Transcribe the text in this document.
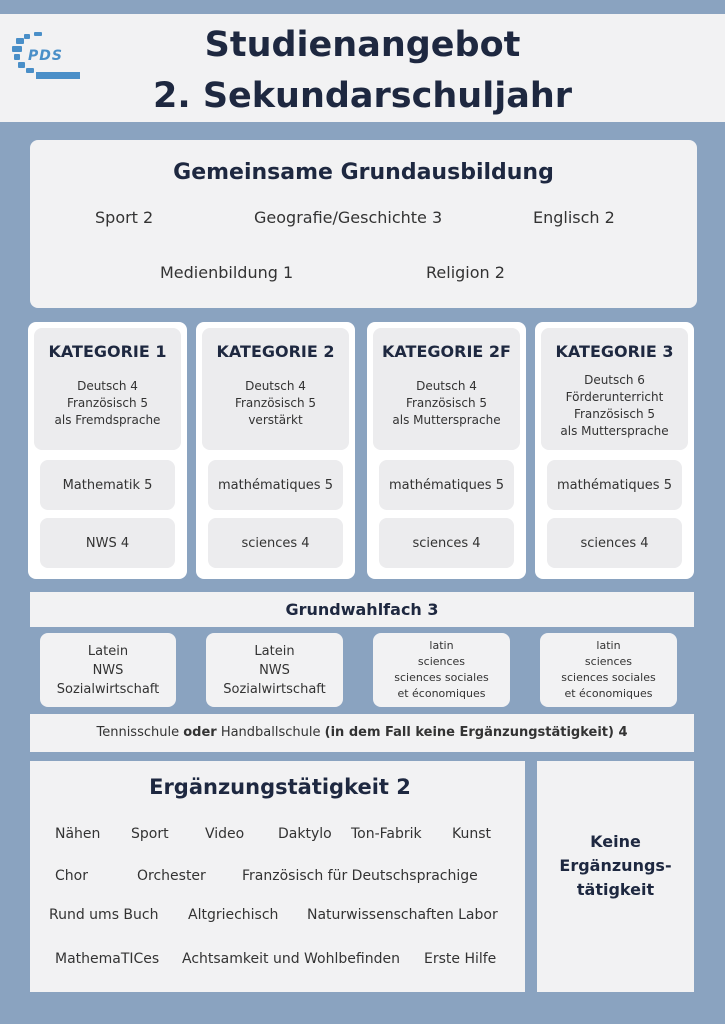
PDS	Studienangebot
2. Sekundarschuljahr
Gemeinsame Grundausbildung
Sport 2	Geografie/Geschichte 3	Englisch 2
Medienbildung 1	Religion 2
KATEGORIE 1
Deutsch 4
Französisch 5
als Fremdsprache
Mathematik 5
NWS 4
KATEGORIE 2
Deutsch 4
Französisch 5
verstärkt
mathématiques 5
sciences 4
KATEGORIE 2F
Deutsch 4
Französisch 5
als Muttersprache
mathématiques 5
sciences 4
KATEGORIE 3
Deutsch 6
Förderunterricht
Französisch 5
als Muttersprache
mathématiques 5
sciences 4
Grundwahlfach 3
Latein
NWS
Sozialwirtschaft
Latein
NWS
Sozialwirtschaft
latin
sciences
sciences sociales
et économiques
latin
sciences
sciences sociales
et économiques
Tennisschule oder Handballschule (in dem Fall keine Ergänzungstätigkeit) 4
Ergänzungstätigkeit 2
Nähen Sport	Video Daktylo Ton-Fabrik Kunst
Chor	Orchester	Französisch für Deutschsprachige
Rund ums Buch Altgriechisch Naturwissenschaften Labor
MathemaTICes Achtsamkeit und Wohlbefinden Erste Hilfe
Keine
Ergänzungs-
tätigkeit
